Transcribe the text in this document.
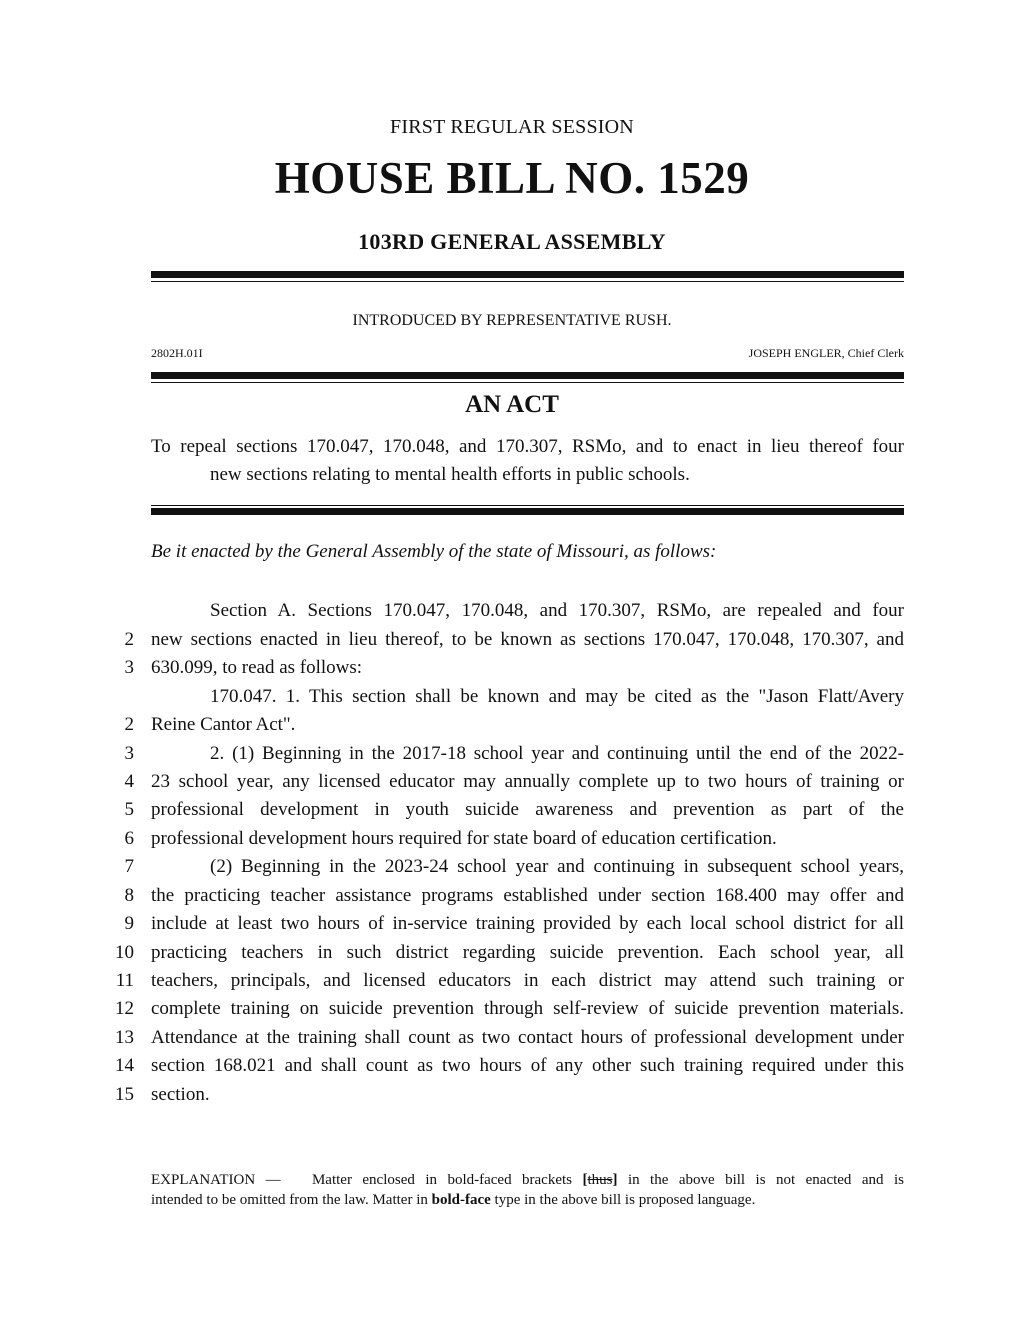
FIRST REGULAR SESSION
HOUSE BILL NO. 1529
103RD GENERAL ASSEMBLY
INTRODUCED BY REPRESENTATIVE RUSH.
2802H.01I	JOSEPH ENGLER, Chief Clerk
AN ACT
To repeal sections 170.047, 170.048, and 170.307, RSMo, and to enact in lieu thereof four
new sections relating to mental health efforts in public schools.
Be it enacted by the General Assembly of the state of Missouri, as follows:
Section A. Sections 170.047, 170.048, and 170.307, RSMo, are repealed and four
2 new sections enacted in lieu thereof, to be known as sections 170.047, 170.048, 170.307, and
3 630.099, to read as follows:
170.047. 1. This section shall be known and may be cited as the "Jason Flatt/Avery
2 Reine Cantor Act".
3	2. (1) Beginning in the 2017-18 school year and continuing until the end of the 2022-
4 23 school year, any licensed educator may annually complete up to two hours of training or
5 professional development in youth suicide awareness and prevention as part of the
6 professional development hours required for state board of education certification.
7	(2) Beginning in the 2023-24 school year and continuing in subsequent school years,
8 the practicing teacher assistance programs established under section 168.400 may offer and
9 include at least two hours of in-service training provided by each local school district for all
10 practicing teachers in such district regarding suicide prevention. Each school year, all
11 teachers, principals, and licensed educators in each district may attend such training or
12 complete training on suicide prevention through self-review of suicide prevention materials.
13 Attendance at the training shall count as two contact hours of professional development under
14 section 168.021 and shall count as two hours of any other such training required under this
15 section.
EXPLANATION — Matter enclosed in bold-faced brackets [thus] in the above bill is not enacted and is
intended to be omitted from the law. Matter in bold-face type in the above bill is proposed language.
